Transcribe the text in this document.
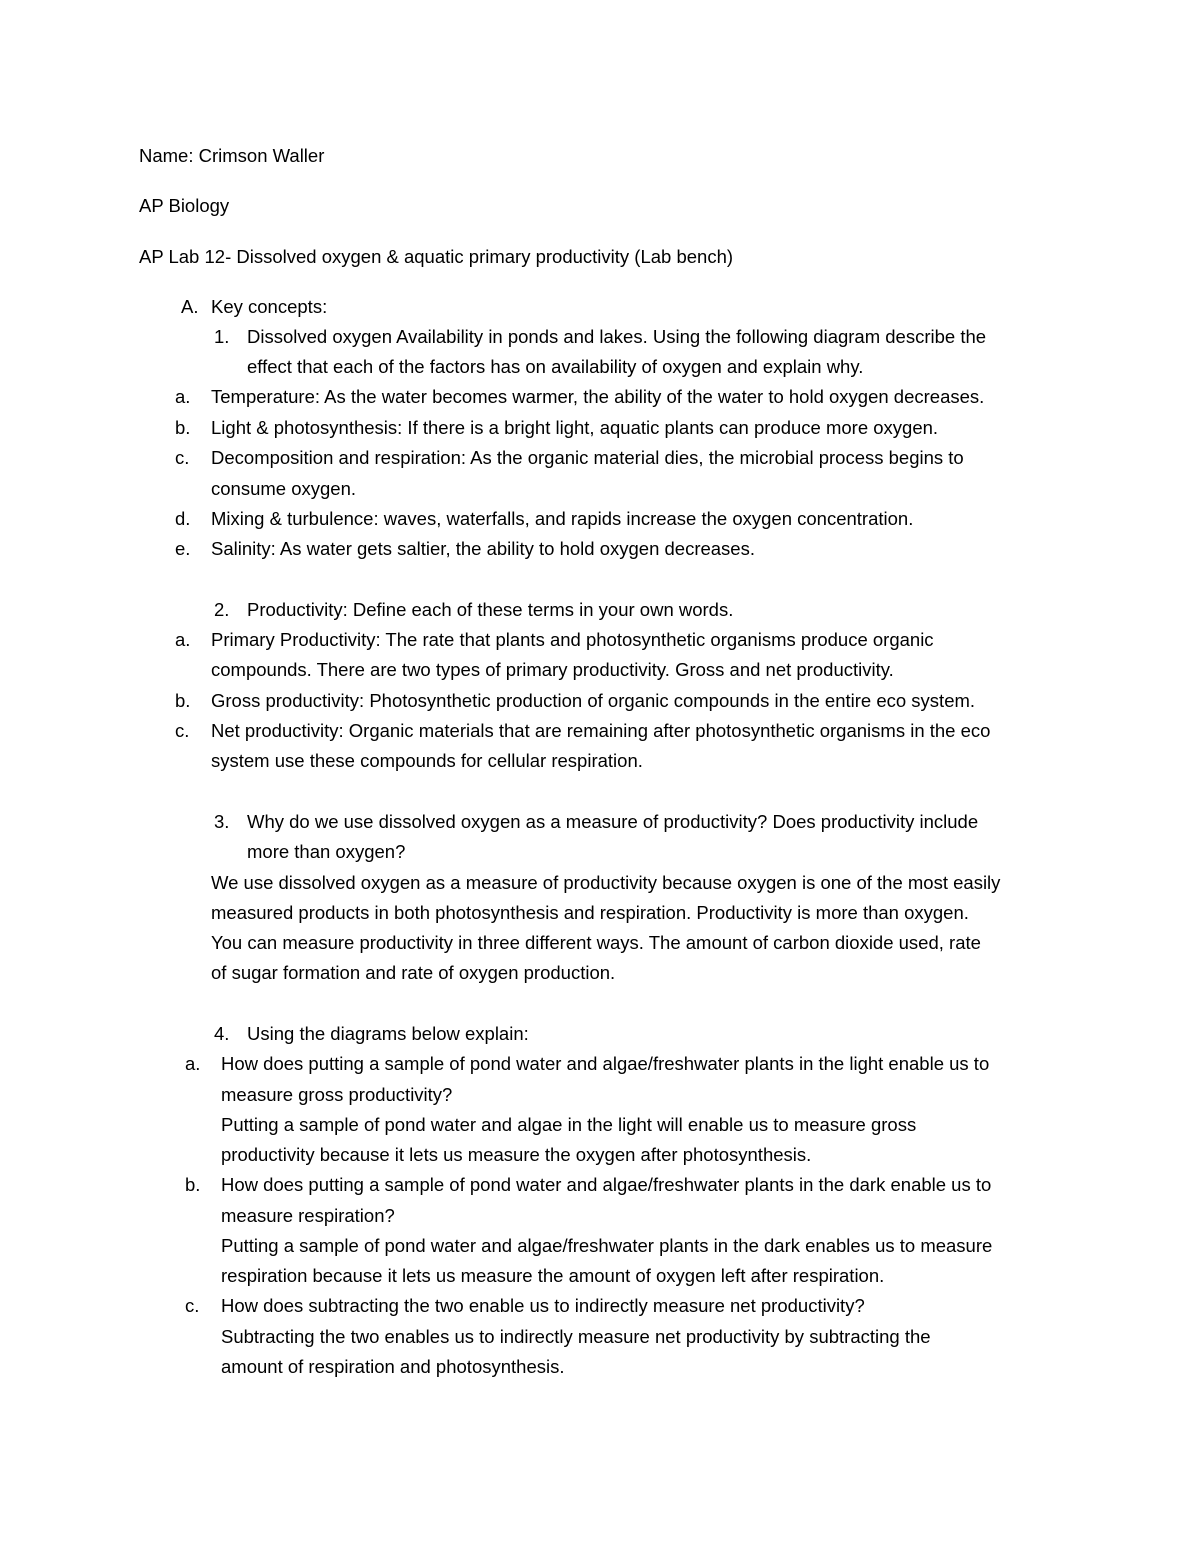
Name: Crimson Waller
AP Biology
AP Lab 12- Dissolved oxygen & aquatic primary productivity (Lab bench)
A. Key concepts:
1. Dissolved oxygen Availability in ponds and lakes. Using the following diagram describe the
effect that each of the factors has on availability of oxygen and explain why.
a. Temperature: As the water becomes warmer, the ability of the water to hold oxygen decreases.
b. Light & photosynthesis: If there is a bright light, aquatic plants can produce more oxygen.
c. Decomposition and respiration: As the organic material dies, the microbial process begins to
consume oxygen.
d. Mixing & turbulence: waves, waterfalls, and rapids increase the oxygen concentration.
e. Salinity: As water gets saltier, the ability to hold oxygen decreases.
2. Productivity: Define each of these terms in your own words.
a. Primary Productivity: The rate that plants and photosynthetic organisms produce organic
compounds. There are two types of primary productivity. Gross and net productivity.
b. Gross productivity: Photosynthetic production of organic compounds in the entire eco system.
c. Net productivity: Organic materials that are remaining after photosynthetic organisms in the eco
system use these compounds for cellular respiration.
3. Why do we use dissolved oxygen as a measure of productivity? Does productivity include
more than oxygen?
We use dissolved oxygen as a measure of productivity because oxygen is one of the most easily
measured products in both photosynthesis and respiration. Productivity is more than oxygen.
You can measure productivity in three different ways. The amount of carbon dioxide used, rate
of sugar formation and rate of oxygen production.
4. Using the diagrams below explain:
a. How does putting a sample of pond water and algae/freshwater plants in the light enable us to
measure gross productivity?
Putting a sample of pond water and algae in the light will enable us to measure gross
productivity because it lets us measure the oxygen after photosynthesis.
b. How does putting a sample of pond water and algae/freshwater plants in the dark enable us to
measure respiration?
Putting a sample of pond water and algae/freshwater plants in the dark enables us to measure
respiration because it lets us measure the amount of oxygen left after respiration.
c. How does subtracting the two enable us to indirectly measure net productivity?
Subtracting the two enables us to indirectly measure net productivity by subtracting the
amount of respiration and photosynthesis.
